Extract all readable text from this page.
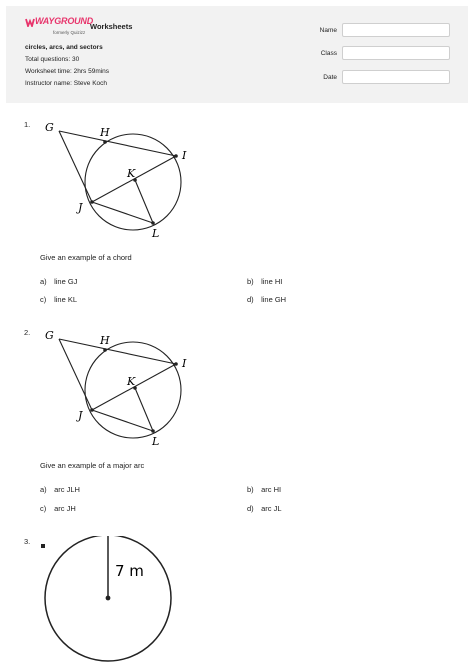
WAYGROUND
formerly Quizizz
Worksheets
circles, arcs, and sectors
Total questions: 30
Worksheet time: 2hrs 59mins
Instructor name: Steve Koch
Name
Class
Date
1. G	H
I
K
J
L
Give an example of a chord
a) line GJ	b) line HI
c) line KL	d) line GH
2. G	H
I
K
J
L
Give an example of a major arc
a) arc JLH	b) arc HI
c) arc JH	d) arc JL
3.
7 m
